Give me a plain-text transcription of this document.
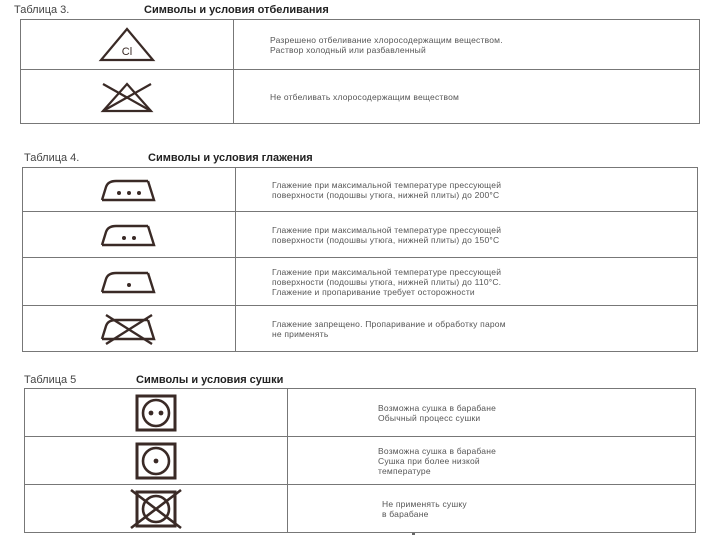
Таблица 3.	Символы и условия отбеливания
Cl	Разрешено отбеливание хлоросодержащим веществом.
Раствор холодный или разбавленный

Не отбеливать хлоросодержащим веществом
Таблица 4.	Символы и условия глажения

Глажение при максимальной температуре прессующей
поверхности (подошвы утюга, нижней плиты) до 200°С

Глажение при максимальной температуре прессующей
поверхности (подошвы утюга, нижней плиты) до 150°С

Глажение при максимальной температуре прессующей
поверхности (подошвы утюга, нижней плиты) до 110°С.
Глажение и пропаривание требует осторожности

Глажение запрещено. Пропаривание и обработку паром
не применять
Таблица 5	Символы и условия сушки

Возможна сушка в барабане
Обычный процесс сушки

Возможна сушка в барабане
Сушка при более низкой
температуре

Не применять сушку
в барабане
